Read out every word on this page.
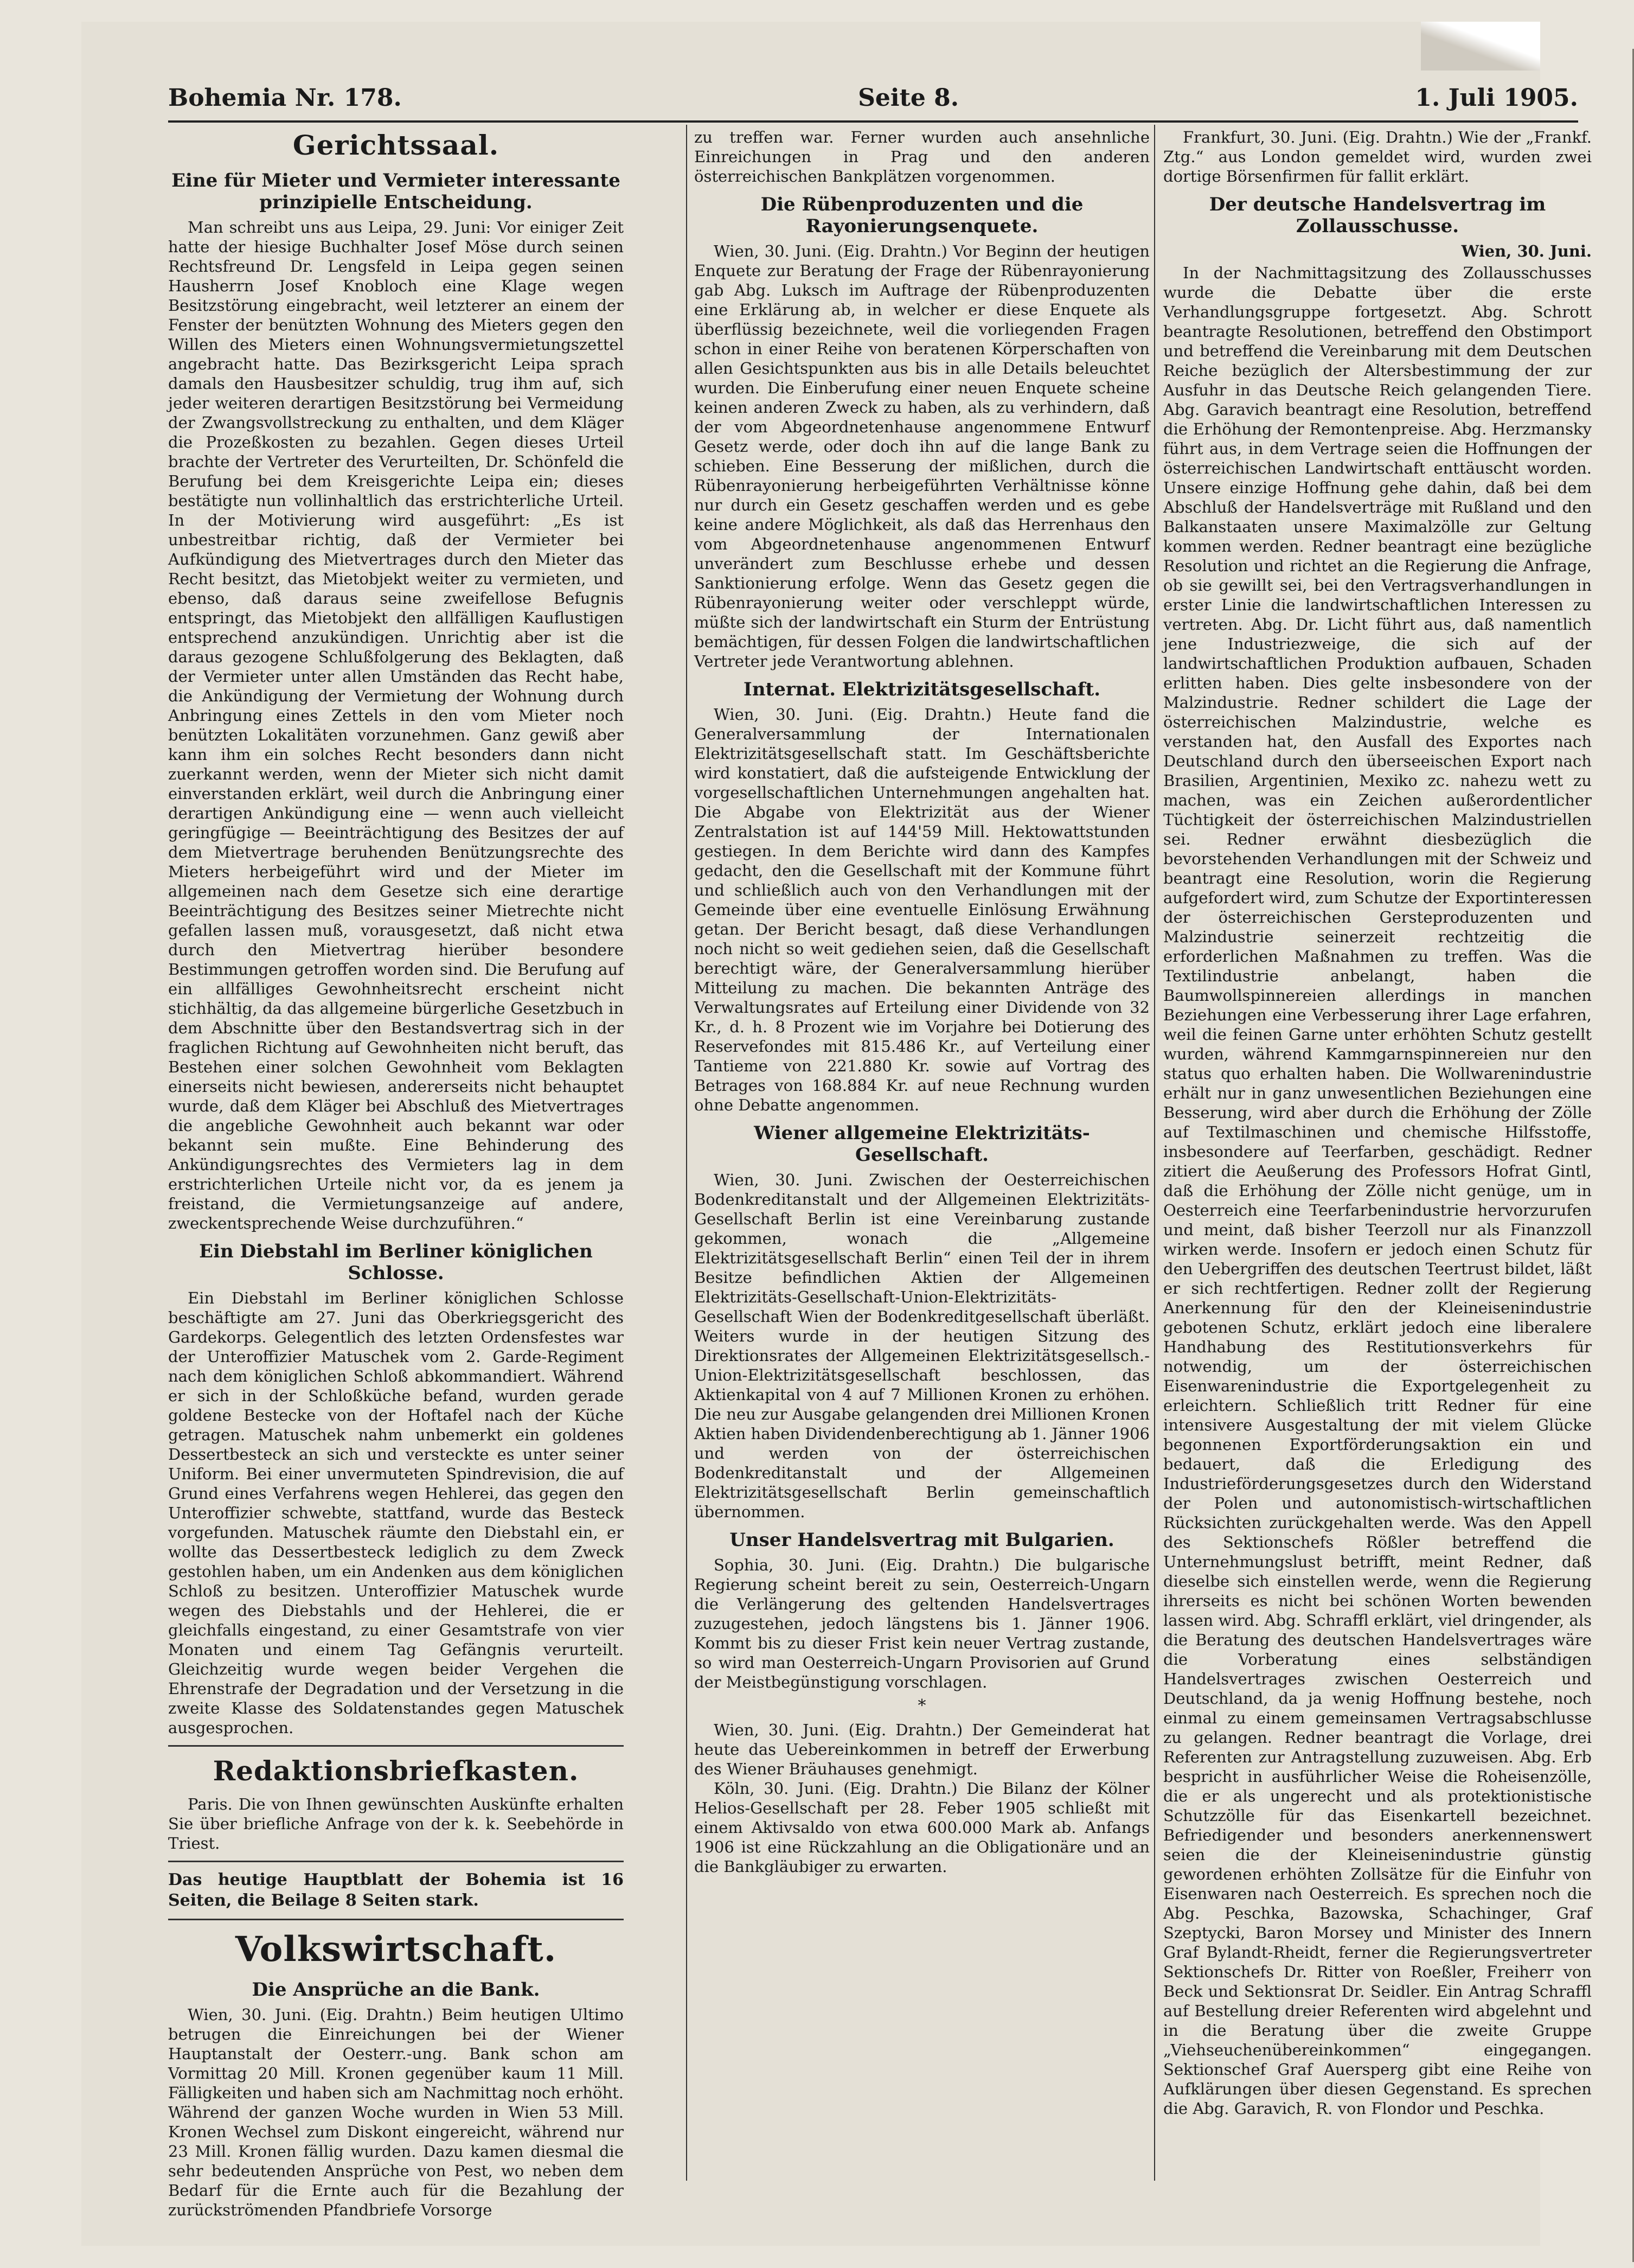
Bohemia Nr. 178.	Seite 8.	1. Juli 1905.
Gerichtssaal.
Eine für Mieter und Vermieter interessante prinzipielle Entscheidung.

Man schreibt uns aus Leipa, 29. Juni: Vor einiger Zeit hatte der hiesige Buchhalter Josef Möse durch seinen Rechtsfreund Dr. Lengsfeld in Leipa gegen seinen Hausherrn Josef Knobloch eine Klage wegen Besitzstörung eingebracht, weil letzterer an einem der Fenster der benützten Wohnung des Mieters gegen den Willen des Mieters einen Wohnungsvermietungszettel angebracht hatte. Das Bezirksgericht Leipa sprach damals den Hausbesitzer schuldig, trug ihm auf, sich jeder weiteren derartigen Besitzstörung bei Vermeidung der Zwangsvollstreckung zu enthalten, und dem Kläger die Prozeßkosten zu bezahlen. Gegen dieses Urteil brachte der Vertreter des Verurteilten, Dr. Schönfeld die Berufung bei dem Kreisgerichte Leipa ein; dieses bestätigte nun vollinhaltlich das erstrichterliche Urteil. In der Motivierung wird ausgeführt: „Es ist unbestreitbar richtig, daß der Vermieter bei Aufkündigung des Mietvertrages durch den Mieter das Recht besitzt, das Mietobjekt weiter zu vermieten, und ebenso, daß daraus seine zweifellose Befugnis entspringt, das Mietobjekt den allfälligen Kauflustigen entsprechend anzukündigen. Unrichtig aber ist die daraus gezogene Schlußfolgerung des Beklagten, daß der Vermieter unter allen Umständen das Recht habe, die Ankündigung der Vermietung der Wohnung durch Anbringung eines Zettels in den vom Mieter noch benützten Lokalitäten vorzunehmen. Ganz gewiß aber kann ihm ein solches Recht besonders dann nicht zuerkannt werden, wenn der Mieter sich nicht damit einverstanden erklärt, weil durch die Anbringung einer derartigen Ankündigung eine — wenn auch vielleicht geringfügige — Beeinträchtigung des Besitzes der auf dem Mietvertrage beruhenden Benützungsrechte des Mieters herbeigeführt wird und der Mieter im allgemeinen nach dem Gesetze sich eine derartige Beeinträchtigung des Besitzes seiner Mietrechte nicht gefallen lassen muß, vorausgesetzt, daß nicht etwa durch den Mietvertrag hierüber besondere Bestimmungen getroffen worden sind. Die Berufung auf ein allfälliges Gewohnheitsrecht erscheint nicht stichhältig, da das allgemeine bürgerliche Gesetzbuch in dem Abschnitte über den Bestandsvertrag sich in der fraglichen Richtung auf Gewohnheiten nicht beruft, das Bestehen einer solchen Gewohnheit vom Beklagten einerseits nicht bewiesen, andererseits nicht behauptet wurde, daß dem Kläger bei Abschluß des Mietvertrages die angebliche Gewohnheit auch bekannt war oder bekannt sein mußte. Eine Behinderung des Ankündigungsrechtes des Vermieters lag in dem erstrichterlichen Urteile nicht vor, da es jenem ja freistand, die Vermietungsanzeige auf andere, zweckentsprechende Weise durchzuführen.“

Ein Diebstahl im Berliner königlichen Schlosse.

Ein Diebstahl im Berliner königlichen Schlosse beschäftigte am 27. Juni das Oberkriegsgericht des Gardekorps. Gelegentlich des letzten Ordensfestes war der Unteroffizier Matuschek vom 2. Garde-Regiment nach dem königlichen Schloß abkommandiert. Während er sich in der Schloßküche befand, wurden gerade goldene Bestecke von der Hoftafel nach der Küche getragen. Matuschek nahm unbemerkt ein goldenes Dessertbesteck an sich und versteckte es unter seiner Uniform. Bei einer unvermuteten Spindrevision, die auf Grund eines Verfahrens wegen Hehlerei, das gegen den Unteroffizier schwebte, stattfand, wurde das Besteck vorgefunden. Matuschek räumte den Diebstahl ein, er wollte das Dessertbesteck lediglich zu dem Zweck gestohlen haben, um ein Andenken aus dem königlichen Schloß zu besitzen. Unteroffizier Matuschek wurde wegen des Diebstahls und der Hehlerei, die er gleichfalls eingestand, zu einer Gesamtstrafe von vier Monaten und einem Tag Gefängnis verurteilt. Gleichzeitig wurde wegen beider Vergehen die Ehrenstrafe der Degradation und der Versetzung in die zweite Klasse des Soldatenstandes gegen Matuschek ausgesprochen.

Redaktionsbriefkasten.

Paris. Die von Ihnen gewünschten Auskünfte erhalten Sie über briefliche Anfrage von der k. k. Seebehörde in Triest.

Das heutige Hauptblatt der Bohemia ist 16 Seiten, die Beilage 8 Seiten stark.
Volkswirtschaft.
Die Ansprüche an die Bank.

Wien, 30. Juni. (Eig. Drahtn.) Beim heutigen Ultimo betrugen die Einreichungen bei der Wiener Hauptanstalt der Oesterr.-ung. Bank schon am Vormittag 20 Mill. Kronen gegenüber kaum 11 Mill. Fälligkeiten und haben sich am Nachmittag noch erhöht. Während der ganzen Woche wurden in Wien 53 Mill. Kronen Wechsel zum Diskont eingereicht, während nur 23 Mill. Kronen fällig wurden. Dazu kamen diesmal die sehr bedeutenden Ansprüche von Pest, wo neben dem Bedarf für die Ernte auch für die Bezahlung der zurückströmenden Pfandbriefe Vorsorge

zu treffen war. Ferner wurden auch ansehnliche Einreichungen in Prag und den anderen österreichischen Bankplätzen vorgenommen.

Die Rübenproduzenten und die Rayonierungsenquete.

Wien, 30. Juni. (Eig. Drahtn.) Vor Beginn der heutigen Enquete zur Beratung der Frage der Rübenrayonierung gab Abg. Luksch im Auftrage der Rübenproduzenten eine Erklärung ab, in welcher er diese Enquete als überflüssig bezeichnete, weil die vorliegenden Fragen schon in einer Reihe von beratenen Körperschaften von allen Gesichtspunkten aus bis in alle Details beleuchtet wurden. Die Einberufung einer neuen Enquete scheine keinen anderen Zweck zu haben, als zu verhindern, daß der vom Abgeordnetenhause angenommene Entwurf Gesetz werde, oder doch ihn auf die lange Bank zu schieben. Eine Besserung der mißlichen, durch die Rübenrayonierung herbeigeführten Verhältnisse könne nur durch ein Gesetz geschaffen werden und es gebe keine andere Möglichkeit, als daß das Herrenhaus den vom Abgeordnetenhause angenommenen Entwurf unverändert zum Beschlusse erhebe und dessen Sanktionierung erfolge. Wenn das Gesetz gegen die Rübenrayonierung weiter oder verschleppt würde, müßte sich der landwirtschaft ein Sturm der Entrüstung bemächtigen, für dessen Folgen die landwirtschaftlichen Vertreter jede Verantwortung ablehnen.

Internat. Elektrizitätsgesellschaft.

Wien, 30. Juni. (Eig. Drahtn.) Heute fand die Generalversammlung der Internationalen Elektrizitätsgesellschaft statt. Im Geschäftsberichte wird konstatiert, daß die aufsteigende Entwicklung der vorgesellschaftlichen Unternehmungen angehalten hat. Die Abgabe von Elektrizität aus der Wiener Zentralstation ist auf 144'59 Mill. Hektowattstunden gestiegen. In dem Berichte wird dann des Kampfes gedacht, den die Gesellschaft mit der Kommune führt und schließlich auch von den Verhandlungen mit der Gemeinde über eine eventuelle Einlösung Erwähnung getan. Der Bericht besagt, daß diese Verhandlungen noch nicht so weit gediehen seien, daß die Gesellschaft berechtigt wäre, der Generalversammlung hierüber Mitteilung zu machen. Die bekannten Anträge des Verwaltungsrates auf Erteilung einer Dividende von 32 Kr., d. h. 8 Prozent wie im Vorjahre bei Dotierung des Reservefondes mit 815.486 Kr., auf Verteilung einer Tantieme von 221.880 Kr. sowie auf Vortrag des Betrages von 168.884 Kr. auf neue Rechnung wurden ohne Debatte angenommen.

Wiener allgemeine Elektrizitäts-Gesellschaft.

Wien, 30. Juni. Zwischen der Oesterreichischen Bodenkreditanstalt und der Allgemeinen Elektrizitäts-Gesellschaft Berlin ist eine Vereinbarung zustande gekommen, wonach die „Allgemeine Elektrizitätsgesellschaft Berlin“ einen Teil der in ihrem Besitze befindlichen Aktien der Allgemeinen Elektrizitäts-Gesellschaft-Union-Elektrizitäts-Gesellschaft Wien der Bodenkreditgesellschaft überläßt. Weiters wurde in der heutigen Sitzung des Direktionsrates der Allgemeinen Elektrizitätsgesellsch.-Union-Elektrizitätsgesellschaft beschlossen, das Aktienkapital von 4 auf 7 Millionen Kronen zu erhöhen. Die neu zur Ausgabe gelangenden drei Millionen Kronen Aktien haben Dividendenberechtigung ab 1. Jänner 1906 und werden von der österreichischen Bodenkreditanstalt und der Allgemeinen Elektrizitätsgesellschaft Berlin gemeinschaftlich übernommen.

Unser Handelsvertrag mit Bulgarien.

Sophia, 30. Juni. (Eig. Drahtn.) Die bulgarische Regierung scheint bereit zu sein, Oesterreich-Ungarn die Verlängerung des geltenden Handelsvertrages zuzugestehen, jedoch längstens bis 1. Jänner 1906. Kommt bis zu dieser Frist kein neuer Vertrag zustande, so wird man Oesterreich-Ungarn Provisorien auf Grund der Meistbegünstigung vorschlagen.

*

Wien, 30. Juni. (Eig. Drahtn.) Der Gemeinderat hat heute das Uebereinkommen in betreff der Erwerbung des Wiener Bräuhauses genehmigt.

Köln, 30. Juni. (Eig. Drahtn.) Die Bilanz der Kölner Helios-Gesellschaft per 28. Feber 1905 schließt mit einem Aktivsaldo von etwa 600.000 Mark ab. Anfangs 1906 ist eine Rückzahlung an die Obligationäre und an die Bankgläubiger zu erwarten.

Frankfurt, 30. Juni. (Eig. Drahtn.) Wie der „Frankf. Ztg.“ aus London gemeldet wird, wurden zwei dortige Börsenfirmen für fallit erklärt.

Der deutsche Handelsvertrag im Zollausschusse.
Wien, 30. Juni.

In der Nachmittagsitzung des Zollausschusses wurde die Debatte über die erste Verhandlungsgruppe fortgesetzt. Abg. Schrott beantragte Resolutionen, betreffend den Obstimport und betreffend die Vereinbarung mit dem Deutschen Reiche bezüglich der Altersbestimmung der zur Ausfuhr in das Deutsche Reich gelangenden Tiere. Abg. Garavich beantragt eine Resolution, betreffend die Erhöhung der Remontenpreise. Abg. Herzmansky führt aus, in dem Vertrage seien die Hoffnungen der österreichischen Landwirtschaft enttäuscht worden. Unsere einzige Hoffnung gehe dahin, daß bei dem Abschluß der Handelsverträge mit Rußland und den Balkanstaaten unsere Maximalzölle zur Geltung kommen werden. Redner beantragt eine bezügliche Resolution und richtet an die Regierung die Anfrage, ob sie gewillt sei, bei den Vertragsverhandlungen in erster Linie die landwirtschaftlichen Interessen zu vertreten. Abg. Dr. Licht führt aus, daß namentlich jene Industriezweige, die sich auf der landwirtschaftlichen Produktion aufbauen, Schaden erlitten haben. Dies gelte insbesondere von der Malzindustrie. Redner schildert die Lage der österreichischen Malzindustrie, welche es verstanden hat, den Ausfall des Exportes nach Deutschland durch den überseeischen Export nach Brasilien, Argentinien, Mexiko zc. nahezu wett zu machen, was ein Zeichen außerordentlicher Tüchtigkeit der österreichischen Malzindustriellen sei. Redner erwähnt diesbezüglich die bevorstehenden Verhandlungen mit der Schweiz und beantragt eine Resolution, worin die Regierung aufgefordert wird, zum Schutze der Exportinteressen der österreichischen Gersteproduzenten und Malzindustrie seinerzeit rechtzeitig die erforderlichen Maßnahmen zu treffen. Was die Textilindustrie anbelangt, haben die Baumwollspinnereien allerdings in manchen Beziehungen eine Verbesserung ihrer Lage erfahren, weil die feinen Garne unter erhöhten Schutz gestellt wurden, während Kammgarnspinnereien nur den status quo erhalten haben. Die Wollwarenindustrie erhält nur in ganz unwesentlichen Beziehungen eine Besserung, wird aber durch die Erhöhung der Zölle auf Textilmaschinen und chemische Hilfsstoffe, insbesondere auf Teerfarben, geschädigt. Redner zitiert die Aeußerung des Professors Hofrat Gintl, daß die Erhöhung der Zölle nicht genüge, um in Oesterreich eine Teerfarbenindustrie hervorzurufen und meint, daß bisher Teerzoll nur als Finanzzoll wirken werde. Insofern er jedoch einen Schutz für den Uebergriffen des deutschen Teertrust bildet, läßt er sich rechtfertigen. Redner zollt der Regierung Anerkennung für den der Kleineisenindustrie gebotenen Schutz, erklärt jedoch eine liberalere Handhabung des Restitutionsverkehrs für notwendig, um der österreichischen Eisenwarenindustrie die Exportgelegenheit zu erleichtern. Schließlich tritt Redner für eine intensivere Ausgestaltung der mit vielem Glücke begonnenen Exportförderungsaktion ein und bedauert, daß die Erledigung des Industrieförderungsgesetzes durch den Widerstand der Polen und autonomistisch-wirtschaftlichen Rücksichten zurückgehalten werde. Was den Appell des Sektionschefs Rößler betreffend die Unternehmungslust betrifft, meint Redner, daß dieselbe sich einstellen werde, wenn die Regierung ihrerseits es nicht bei schönen Worten bewenden lassen wird. Abg. Schraffl erklärt, viel dringender, als die Beratung des deutschen Handelsvertrages wäre die Vorberatung eines selbständigen Handelsvertrages zwischen Oesterreich und Deutschland, da ja wenig Hoffnung bestehe, noch einmal zu einem gemeinsamen Vertragsabschlusse zu gelangen. Redner beantragt die Vorlage, drei Referenten zur Antragstellung zuzuweisen. Abg. Erb bespricht in ausführlicher Weise die Roheisenzölle, die er als ungerecht und als protektionistische Schutzzölle für das Eisenkartell bezeichnet. Befriedigender und besonders anerkennenswert seien die der Kleineisenindustrie günstig gewordenen erhöhten Zollsätze für die Einfuhr von Eisenwaren nach Oesterreich. Es sprechen noch die Abg. Peschka, Bazowska, Schachinger, Graf Szeptycki, Baron Morsey und Minister des Innern Graf Bylandt-Rheidt, ferner die Regierungsvertreter Sektionschefs Dr. Ritter von Roeßler, Freiherr von Beck und Sektionsrat Dr. Seidler. Ein Antrag Schraffl auf Bestellung dreier Referenten wird abgelehnt und in die Beratung über die zweite Gruppe „Viehseuchenübereinkommen“ eingegangen. Sektionschef Graf Auersperg gibt eine Reihe von Aufklärungen über diesen Gegenstand. Es sprechen die Abg. Garavich, R. von Flondor und Peschka.
